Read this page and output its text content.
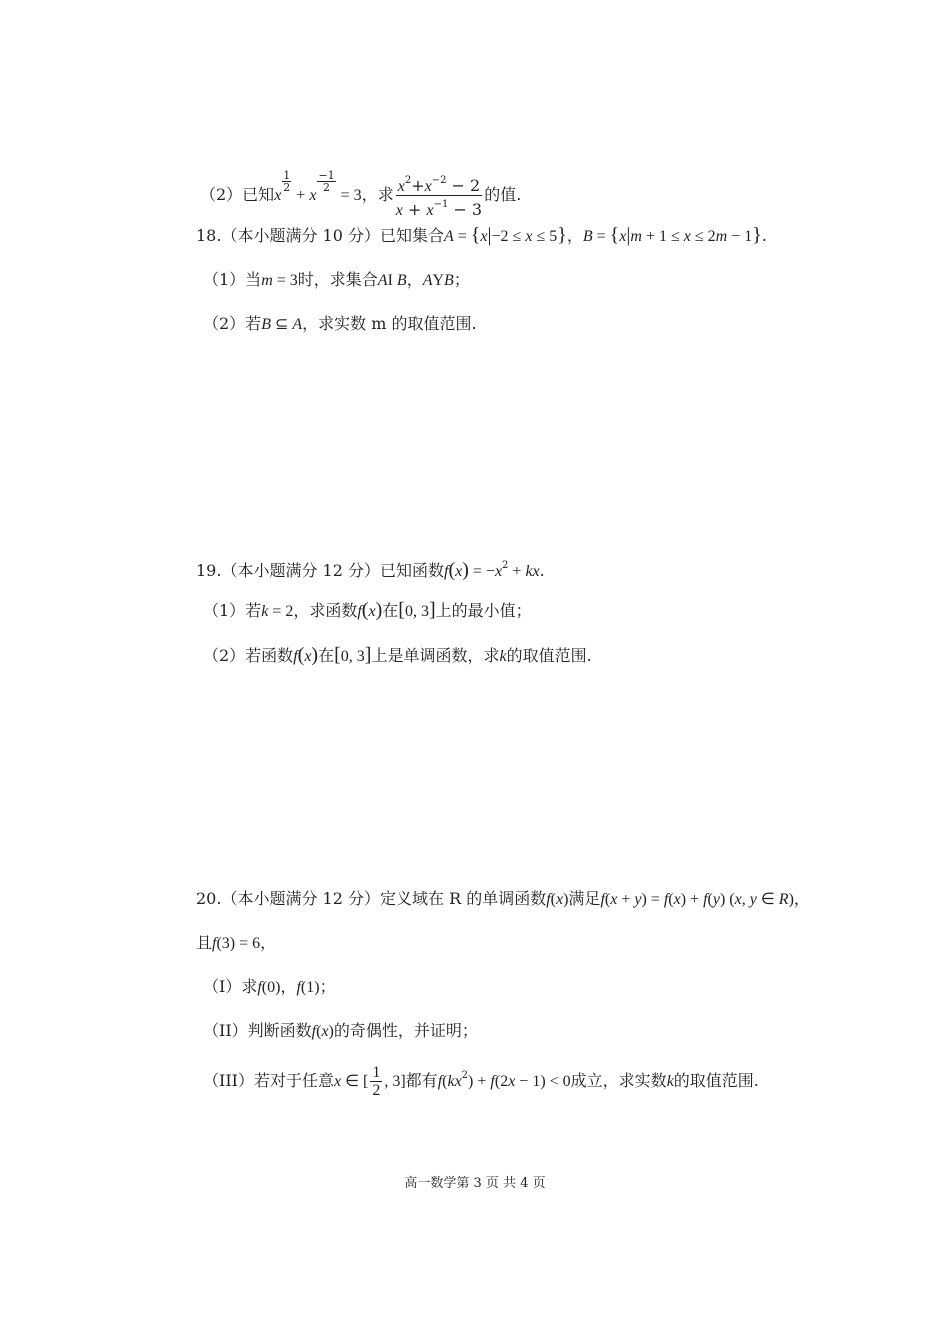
（2）已知x
$\frac{1}{2}$
+ x
$\frac{-1}{2}$
= 3，求 $\frac{x^2+x^{-2} - 2}{x + x^{-1} - 3}$ 的值.
18.（本小题满分 10 分）已知集合A = {x|−2 ≤ x ≤ 5}，B = {x|m + 1 ≤ x ≤ 2m − 1}.
（1）当m = 3时，求集合AI B，AYB；
（2）若B ⊆ A，求实数 m 的取值范围.
19.（本小题满分 12 分）已知函数$f(x) = -x^2$ + kx.
（1）若k = 2，求函数f(x)在[0, 3]上的最小值；
（2）若函数f(x)在[0, 3]上是单调函数，求k的取值范围.
20.（本小题满分 12 分）定义域在 R 的单调函数f(x)满足f(x + y) = f(x) + f(y) (x, y ∈ R)，
且f(3) = 6，
（I）求f(0)，f(1)；
（II）判断函数f(x)的奇偶性，并证明；
（III）若对于任意x ∈ [ $\frac{1}{2}$ , 3]都有$f(kx^2) + f(2x - 1) < 0$成立，求实数k的取值范围.
高一数学第 3 页 共 4 页
